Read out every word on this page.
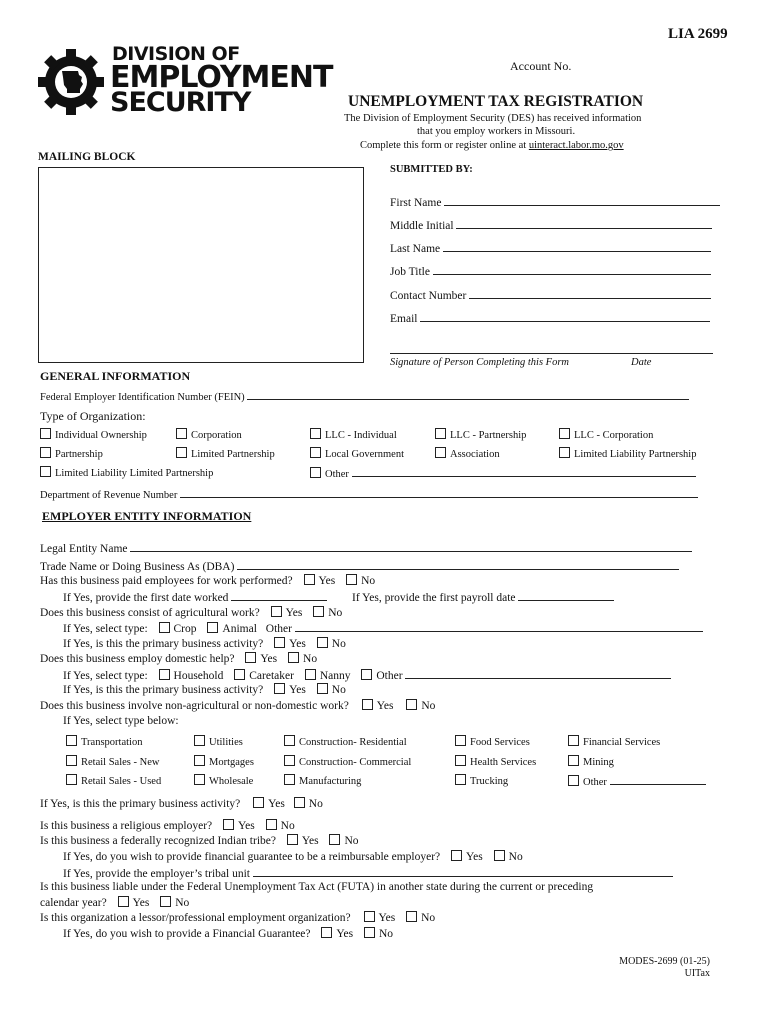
LIA 2699
Account No.
DIVISION OF
EMPLOYMENT
SECURITY	UNEMPLOYMENT TAX REGISTRATION
The Division of Employment Security (DES) has received information
that you employ workers in Missouri.
Complete this form or register online at uinteract.labor.mo.gov
MAILING BLOCK
SUBMITTED BY:
First Name
Middle Initial
Last Name
Job Title
Contact Number
Email
Signature of Person Completing this Form	Date
GENERAL INFORMATION
Federal Employer Identification Number (FEIN)
Type of Organization:
Individual Ownership	Corporation	LLC - Individual	LLC - Partnership	LLC - Corporation
Partnership	Limited Partnership	Local Government	Association	Limited Liability Partnership
Limited Liability Limited Partnership	Other
Department of Revenue Number
EMPLOYER ENTITY INFORMATION
Legal Entity Name
Trade Name or Doing Business As (DBA)
Has this business paid employees for work performed? Yes No
If Yes, provide the first date worked	If Yes, provide the first payroll date
Does this business consist of agricultural work? Yes No
If Yes, select type: Crop Animal Other
If Yes, is this the primary business activity? Yes No
Does this business employ domestic help? Yes No
If Yes, select type: Household Caretaker Nanny Other
If Yes, is this the primary business activity? Yes No
Does this business involve non-agricultural or non-domestic work? Yes No
If Yes, select type below:
Transportation	Utilities	Construction- Residential	Food Services	Financial Services
Retail Sales - New	Mortgages	Construction- Commercial	Health Services	Mining
Retail Sales - Used	Wholesale	Manufacturing	Trucking	Other
If Yes, is this the primary business activity? Yes No
Is this business a religious employer? Yes No
Is this business a federally recognized Indian tribe? Yes No
If Yes, do you wish to provide financial guarantee to be a reimbursable employer? Yes No
If Yes, provide the employer’s tribal unit
Is this business liable under the Federal Unemployment Tax Act (FUTA) in another state during the current or preceding
calendar year? Yes No
Is this organization a lessor/professional employment organization? Yes No
If Yes, do you wish to provide a Financial Guarantee? Yes No
MODES-2699 (01-25)
UITax
